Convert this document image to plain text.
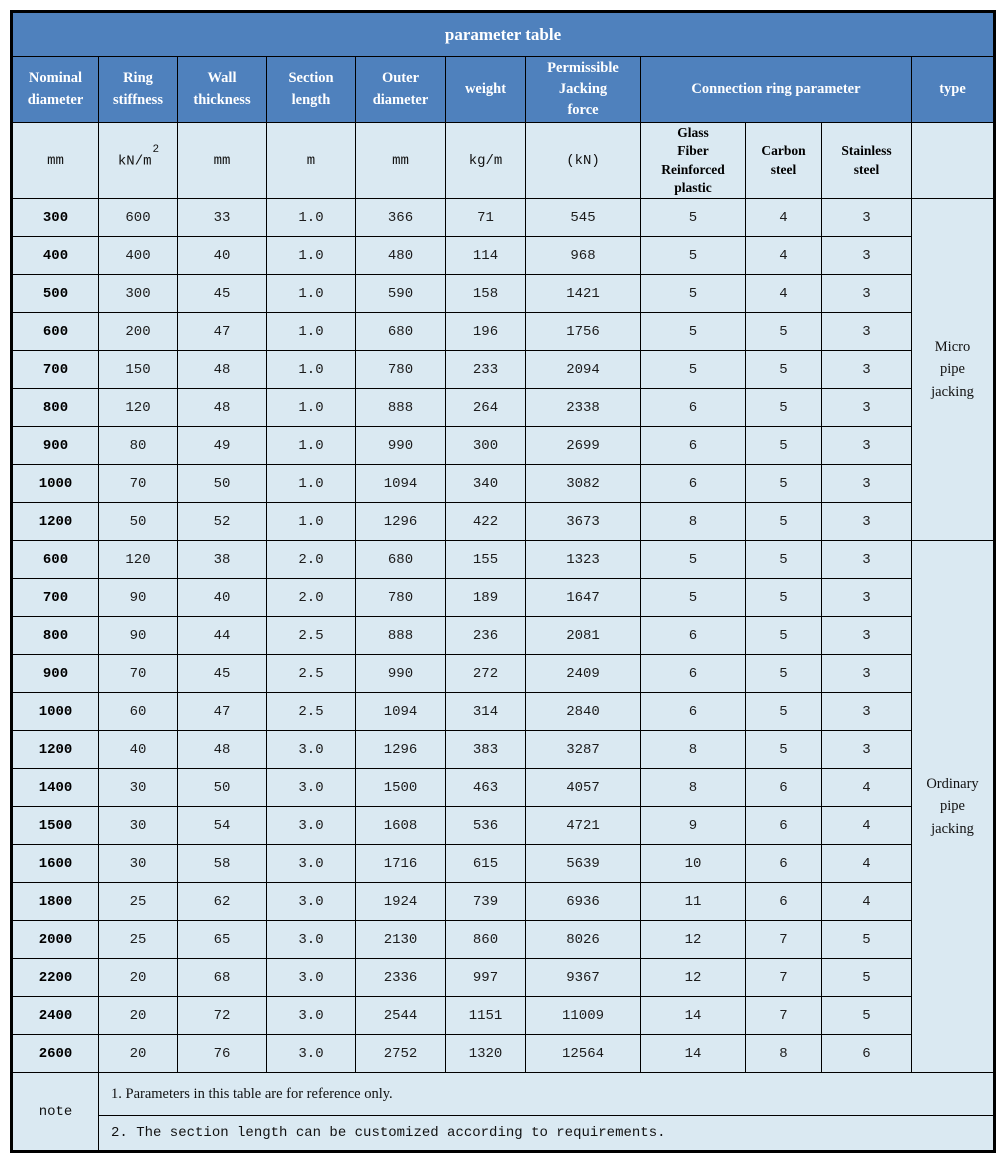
parameter table										
Nominal diameter	Ring stiffness	Wall thickness	Section length	Outer diameter	weight	Permissible Jacking force	Connection ring parameter			type
mm	$kN/m^2$	mm	m	mm	kg/m	(kN)	Glass Fiber Reinforced plastic	Carbon steel	Stainless steel	
300	600	33	1.0	366	71	545	5	4	3	Micro pipe jacking
400	400	40	1.0	480	114	968	5	4	3	
500	300	45	1.0	590	158	1421	5	4	3	
600	200	47	1.0	680	196	1756	5	5	3	
700	150	48	1.0	780	233	2094	5	5	3	
800	120	48	1.0	888	264	2338	6	5	3	
900	80	49	1.0	990	300	2699	6	5	3	
1000	70	50	1.0	1094	340	3082	6	5	3	
1200	50	52	1.0	1296	422	3673	8	5	3	
600	120	38	2.0	680	155	1323	5	5	3	Ordinary pipe jacking
700	90	40	2.0	780	189	1647	5	5	3	
800	90	44	2.5	888	236	2081	6	5	3	
900	70	45	2.5	990	272	2409	6	5	3	
1000	60	47	2.5	1094	314	2840	6	5	3	
1200	40	48	3.0	1296	383	3287	8	5	3	
1400	30	50	3.0	1500	463	4057	8	6	4	
1500	30	54	3.0	1608	536	4721	9	6	4	
1600	30	58	3.0	1716	615	5639	10	6	4	
1800	25	62	3.0	1924	739	6936	11	6	4	
2000	25	65	3.0	2130	860	8026	12	7	5	
2200	20	68	3.0	2336	997	9367	12	7	5	
2400	20	72	3.0	2544	1151	11009	14	7	5	
2600	20	76	3.0	2752	1320	12564	14	8	6	
note	1. Parameters in this table are for reference only.									
	2. The section length can be customized according to requirements.									
